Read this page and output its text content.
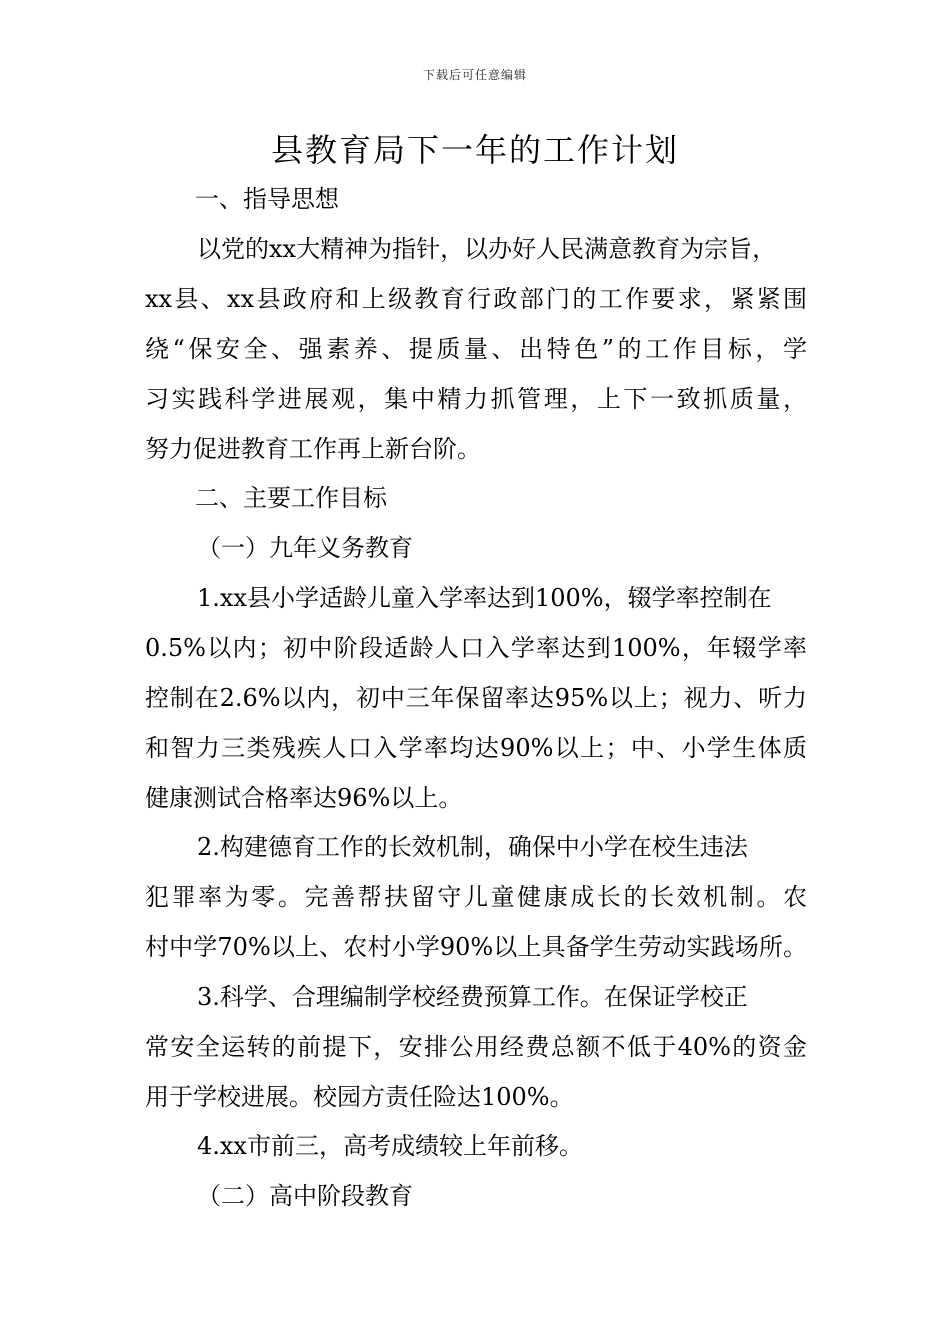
下载后可任意编辑
县教育局下一年的工作计划
一、指导思想
以党的xx大精神为指针，以办好人民满意教育为宗旨，
xx县、xx县政府和上级教育行政部门的工作要求，紧紧围
绕“保安全、强素养、提质量、出特色”的工作目标，学
习实践科学进展观，集中精力抓管理，上下一致抓质量，
努力促进教育工作再上新台阶。
二、主要工作目标
（一）九年义务教育
1.xx县小学适龄儿童入学率达到100%，辍学率控制在
0.5%以内；初中阶段适龄人口入学率达到100%，年辍学率
控制在2.6%以内，初中三年保留率达95%以上；视力、听力
和智力三类残疾人口入学率均达90%以上；中、小学生体质
健康测试合格率达96%以上。
2.构建德育工作的长效机制，确保中小学在校生违法
犯罪率为零。完善帮扶留守儿童健康成长的长效机制。农
村中学70%以上、农村小学90%以上具备学生劳动实践场所。
3.科学、合理编制学校经费预算工作。在保证学校正
常安全运转的前提下，安排公用经费总额不低于40%的资金
用于学校进展。校园方责任险达100%。
4.xx市前三，高考成绩较上年前移。
（二）高中阶段教育
